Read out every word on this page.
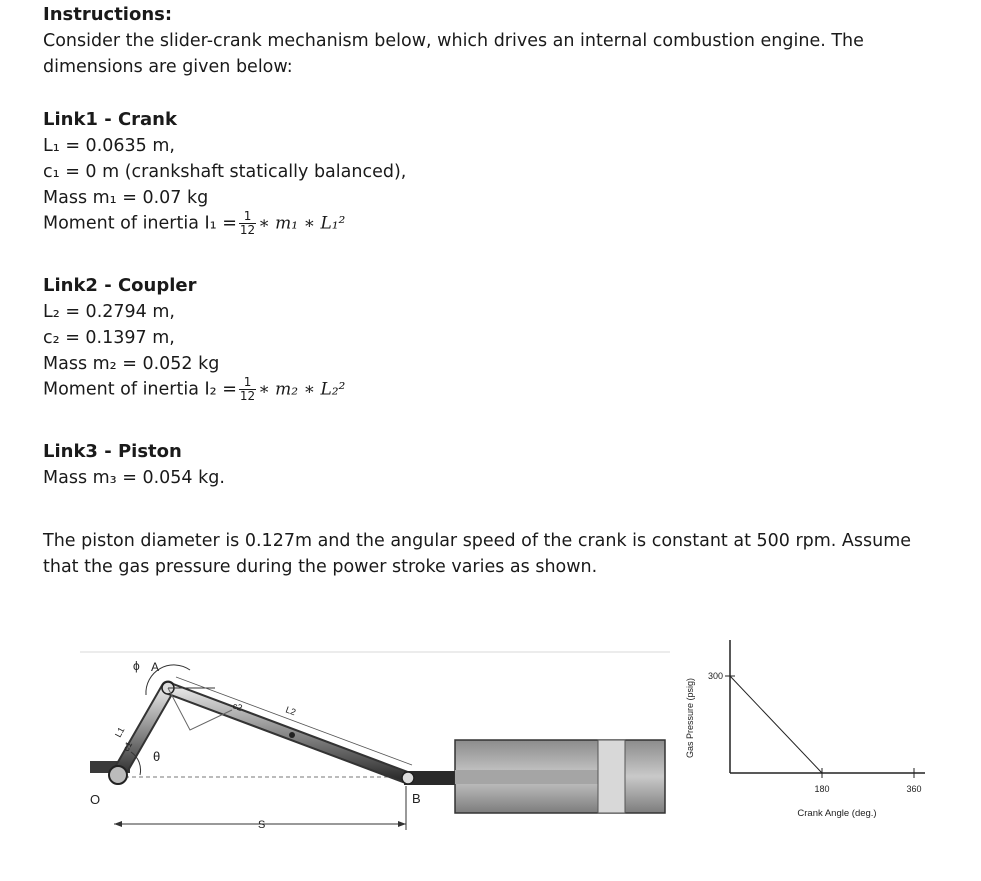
Instructions:
Consider the slider-crank mechanism below, which drives an internal combustion engine. The
dimensions are given below:
Link1 - Crank
L₁ = 0.0635 m,
c₁ = 0 m (crankshaft statically balanced),
Mass m₁ = 0.07 kg
Moment of inertia $I_1 = \frac{1}{12}$ ∗ m₁ ∗ L₁²
Link2 - Coupler
L₂ = 0.2794 m,
c₂ = 0.1397 m,
Mass m₂ = 0.052 kg
Moment of inertia $I_2 = \frac{1}{12}$ ∗ m₂ ∗ L₂²
Link3 - Piston
Mass m₃ = 0.054 kg.
The piston diameter is 0.127m and the angular speed of the crank is constant at 500 rpm. Assume
that the gas pressure during the power stroke varies as shown.
ϕ A
θ
O	B
S
L1
c1
c2	L2
300
180	360
Crank Angle (deg.)
Gas Pressure (psig)
